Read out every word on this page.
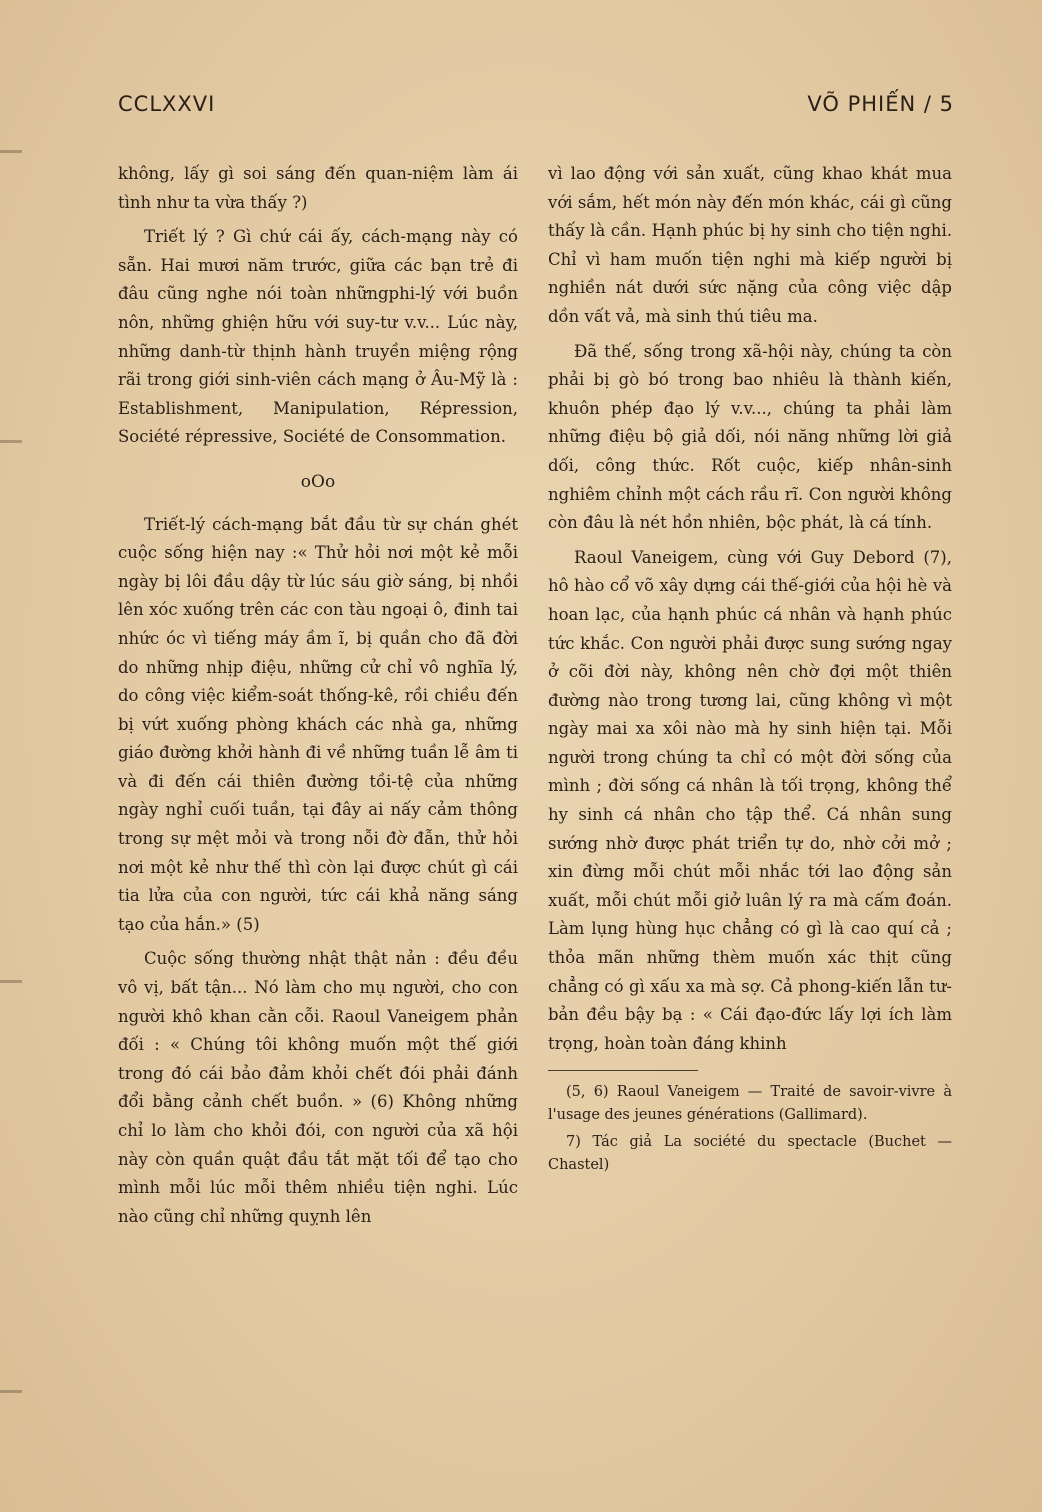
CCLXXVI	VÕ PHIẾN / 5

không, lấy gì soi sáng đến quan-niệm làm ái tình như ta vừa thấy ?)

Triết lý ? Gì chứ cái ấy, cách-mạng này có sẵn. Hai mươi năm trước, giữa các bạn trẻ đi đâu cũng nghe nói toàn nhữngphi-lý với buồn nôn, những ghiện hữu với suy-tư v.v... Lúc này, những danh-từ thịnh hành truyền miệng rộng rãi trong giới sinh-viên cách mạng ở Âu-Mỹ là : Establishment, Manipulation, Répression, Société répressive, Société de Consommation.

oOo

Triết-lý cách-mạng bắt đầu từ sự chán ghét cuộc sống hiện nay :« Thử hỏi nơi một kẻ mỗi ngày bị lôi đầu dậy từ lúc sáu giờ sáng, bị nhồi lên xóc xuống trên các con tàu ngoại ô, đinh tai nhức óc vì tiếng máy ầm ĩ, bị quần cho đã đời do những nhịp điệu, những cử chỉ vô nghĩa lý, do công việc kiểm-soát thống-kê, rồi chiều đến bị vứt xuống phòng khách các nhà ga, những giáo đường khởi hành đi về những tuần lễ âm ti và đi đến cái thiên đường tồi-tệ của những ngày nghỉ cuối tuần, tại đây ai nấy cảm thông trong sự mệt mỏi và trong nỗi đờ đẫn, thử hỏi nơi một kẻ như thế thì còn lại được chút gì cái tia lửa của con người, tức cái khả năng sáng tạo của hắn.» (5)

Cuộc sống thường nhật thật nản : đều đều vô vị, bất tận... Nó làm cho mụ người, cho con người khô khan cằn cỗi. Raoul Vaneigem phản đối : « Chúng tôi không muốn một thế giới trong đó cái bảo đảm khỏi chết đói phải đánh đổi bằng cảnh chết buồn. » (6) Không những chỉ lo làm cho khỏi đói, con người của xã hội này còn quần quật đầu tắt mặt tối để tạo cho mình mỗi lúc mỗi thêm nhiều tiện nghi. Lúc nào cũng chỉ những quỵnh lên

vì lao động với sản xuất, cũng khao khát mua với sắm, hết món này đến món khác, cái gì cũng thấy là cần. Hạnh phúc bị hy sinh cho tiện nghi. Chỉ vì ham muốn tiện nghi mà kiếp người bị nghiền nát dưới sức nặng của công việc dập dồn vất vả, mà sinh thú tiêu ma.

Đã thế, sống trong xã-hội này, chúng ta còn phải bị gò bó trong bao nhiêu là thành kiến, khuôn phép đạo lý v.v..., chúng ta phải làm những điệu bộ giả dối, nói năng những lời giả dối, công thức. Rốt cuộc, kiếp nhân-sinh nghiêm chỉnh một cách rầu rĩ. Con người không còn đâu là nét hồn nhiên, bộc phát, là cá tính.

Raoul Vaneigem, cùng với Guy Debord (7), hô hào cổ võ xây dựng cái thế-giới của hội hè và hoan lạc, của hạnh phúc cá nhân và hạnh phúc tức khắc. Con người phải được sung sướng ngay ở cõi đời này, không nên chờ đợi một thiên đường nào trong tương lai, cũng không vì một ngày mai xa xôi nào mà hy sinh hiện tại. Mỗi người trong chúng ta chỉ có một đời sống của mình ; đời sống cá nhân là tối trọng, không thể hy sinh cá nhân cho tập thể. Cá nhân sung sướng nhờ được phát triển tự do, nhờ cởi mở ; xin đừng mỗi chút mỗi nhắc tới lao động sản xuất, mỗi chút mỗi giở luân lý ra mà cấm đoán. Làm lụng hùng hục chẳng có gì là cao quí cả ; thỏa mãn những thèm muốn xác thịt cũng chẳng có gì xấu xa mà sợ. Cả phong-kiến lẫn tư-bản đều bậy bạ : « Cái đạo-đức lấy lợi ích làm trọng, hoàn toàn đáng khinh

(5, 6) Raoul Vaneigem — Traité de savoir-vivre à l'usage des jeunes générations (Gallimard).

7) Tác giả La société du spectacle (Buchet — Chastel)
